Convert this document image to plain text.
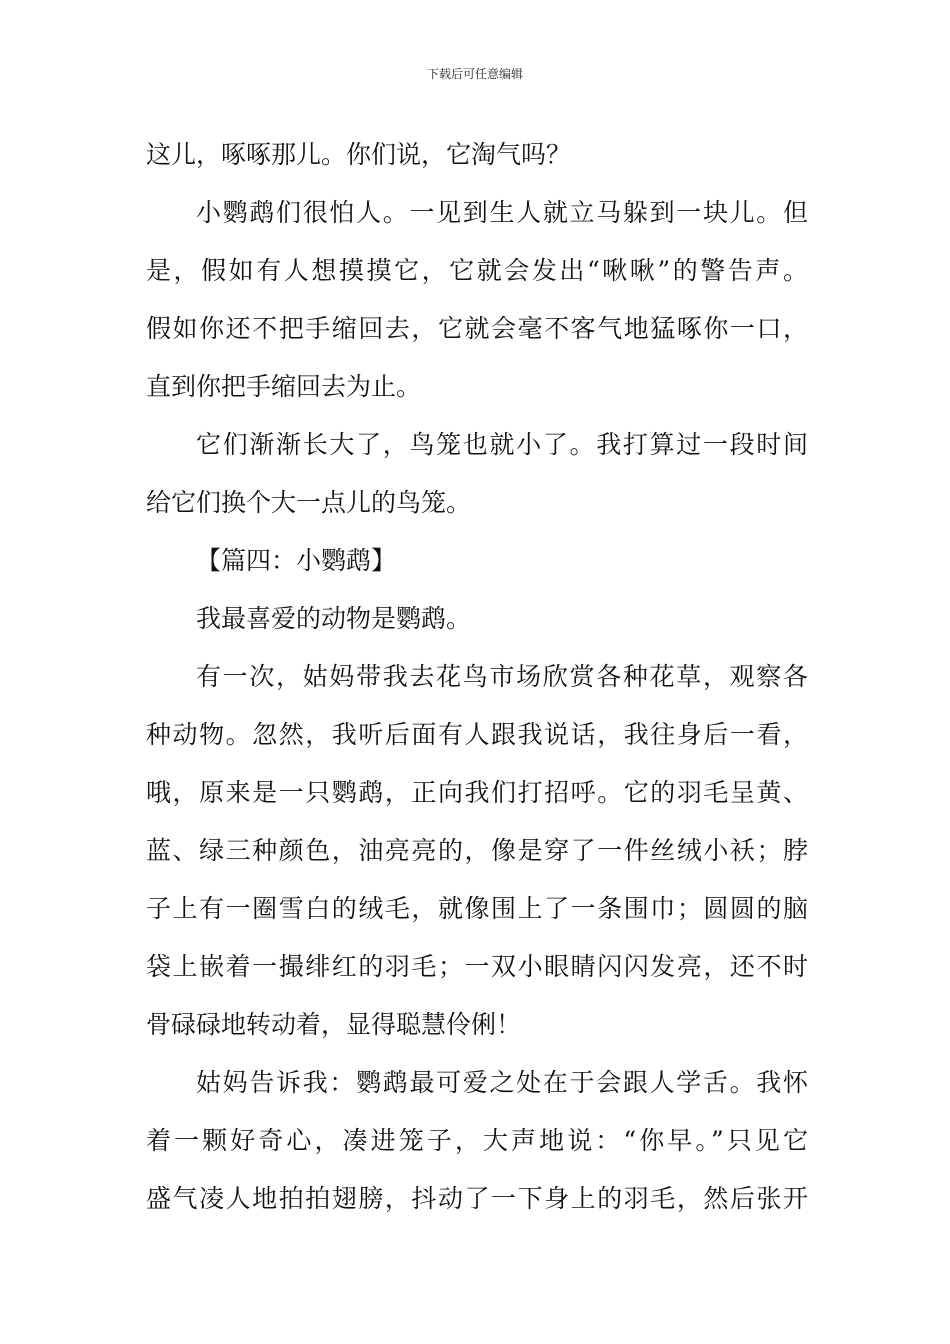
下载后可任意编辑
这儿，啄啄那儿。你们说，它淘气吗？
小鹦鹉们很怕人。一见到生人就立马躲到一块儿。但
是，假如有人想摸摸它，它就会发出“啾啾”的警告声。
假如你还不把手缩回去，它就会毫不客气地猛啄你一口，
直到你把手缩回去为止。
它们渐渐长大了，鸟笼也就小了。我打算过一段时间
给它们换个大一点儿的鸟笼。
【篇四：小鹦鹉】
我最喜爱的动物是鹦鹉。
有一次，姑妈带我去花鸟市场欣赏各种花草，观察各
种动物。忽然，我听后面有人跟我说话，我往身后一看，
哦，原来是一只鹦鹉，正向我们打招呼。它的羽毛呈黄、
蓝、绿三种颜色，油亮亮的，像是穿了一件丝绒小袄；脖
子上有一圈雪白的绒毛，就像围上了一条围巾；圆圆的脑
袋上嵌着一撮绯红的羽毛；一双小眼睛闪闪发亮，还不时
骨碌碌地转动着，显得聪慧伶俐！
姑妈告诉我：鹦鹉最可爱之处在于会跟人学舌。我怀
着一颗好奇心，凑进笼子，大声地说：“你早。”只见它
盛气凌人地拍拍翅膀，抖动了一下身上的羽毛，然后张开
